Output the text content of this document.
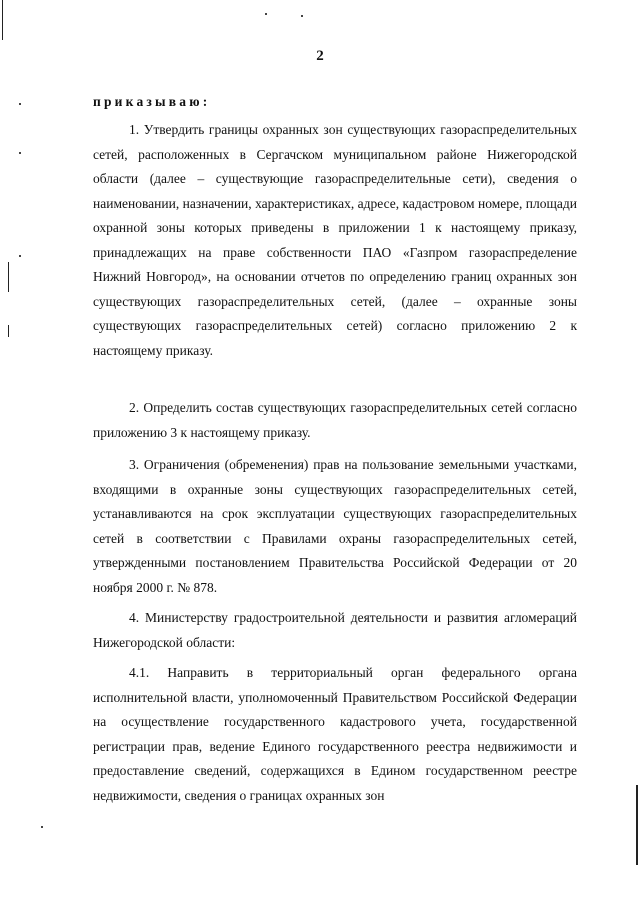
2
приказываю:

1. Утвердить границы охранных зон существующих газораспределительных сетей, расположенных в Сергачском муниципальном районе Нижегородской области (далее – существующие газораспределительные сети), сведения о наименовании, назначении, характеристиках, адресе, кадастровом номере, площади охранной зоны которых приведены в приложении 1 к настоящему приказу, принадлежащих на праве собственности ПАО «Газпром газораспределение Нижний Новгород», на основании отчетов по определению границ охранных зон существующих газораспределительных сетей, (далее – охранные зоны существующих газораспределительных сетей) согласно приложению 2 к настоящему приказу.

2. Определить состав существующих газораспределительных сетей согласно приложению 3 к настоящему приказу.

3. Ограничения (обременения) прав на пользование земельными участками, входящими в охранные зоны существующих газораспределительных сетей, устанавливаются на срок эксплуатации существующих газораспределительных сетей в соответствии с Правилами охраны газораспределительных сетей, утвержденными постановлением Правительства Российской Федерации от 20 ноября 2000 г. № 878.

4. Министерству градостроительной деятельности и развития агломераций Нижегородской области:

4.1. Направить в территориальный орган федерального органа исполнительной власти, уполномоченный Правительством Российской Федерации на осуществление государственного кадастрового учета, государственной регистрации прав, ведение Единого государственного реестра недвижимости и предоставление сведений, содержащихся в Едином государственном реестре недвижимости, сведения о границах охранных зон
